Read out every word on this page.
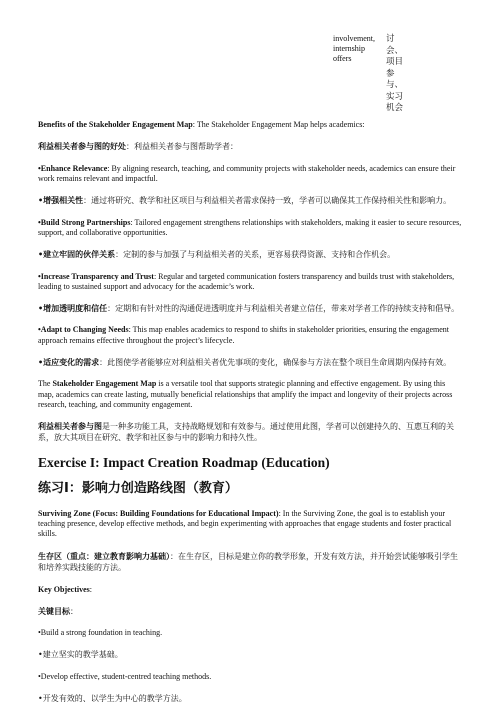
involvement, internship offers
讨会、项目参与、实习机会

Benefits of the Stakeholder Engagement Map: The Stakeholder Engagement Map helps academics:

利益相关者参与图的好处：利益相关者参与图帮助学者：

•Enhance Relevance: By aligning research, teaching, and community projects with stakeholder needs, academics can ensure their work remains relevant and impactful.

•增强相关性：通过将研究、教学和社区项目与利益相关者需求保持一致，学者可以确保其工作保持相关性和影响力。

•Build Strong Partnerships: Tailored engagement strengthens relationships with stakeholders, making it easier to secure resources, support, and collaborative opportunities.

•建立牢固的伙伴关系：定制的参与加强了与利益相关者的关系，更容易获得资源、支持和合作机会。

•Increase Transparency and Trust: Regular and targeted communication fosters transparency and builds trust with stakeholders, leading to sustained support and advocacy for the academic’s work.

•增加透明度和信任：定期和有针对性的沟通促进透明度并与利益相关者建立信任，带来对学者工作的持续支持和倡导。

•Adapt to Changing Needs: This map enables academics to respond to shifts in stakeholder priorities, ensuring the engagement approach remains effective throughout the project’s lifecycle.

•适应变化的需求：此图使学者能够应对利益相关者优先事项的变化，确保参与方法在整个项目生命周期内保持有效。

The Stakeholder Engagement Map is a versatile tool that supports strategic planning and effective engagement. By using this map, academics can create lasting, mutually beneficial relationships that amplify the impact and longevity of their projects across research, teaching, and community engagement.

利益相关者参与图是一种多功能工具，支持战略规划和有效参与。通过使用此图，学者可以创建持久的、互惠互利的关系，放大其项目在研究、教学和社区参与中的影响力和持久性。

Exercise I: Impact Creation Roadmap (Education)
练习I：影响力创造路线图（教育）

Surviving Zone (Focus: Building Foundations for Educational Impact): In the Surviving Zone, the goal is to establish your teaching presence, develop effective methods, and begin experimenting with approaches that engage students and foster practical skills.

生存区（重点：建立教育影响力基础）：在生存区，目标是建立你的教学形象，开发有效方法，并开始尝试能够吸引学生和培养实践技能的方法。

Key Objectives:

关键目标：

•Build a strong foundation in teaching.

•建立坚实的教学基础。

•Develop effective, student-centred teaching methods.

•开发有效的、以学生为中心的教学方法。
